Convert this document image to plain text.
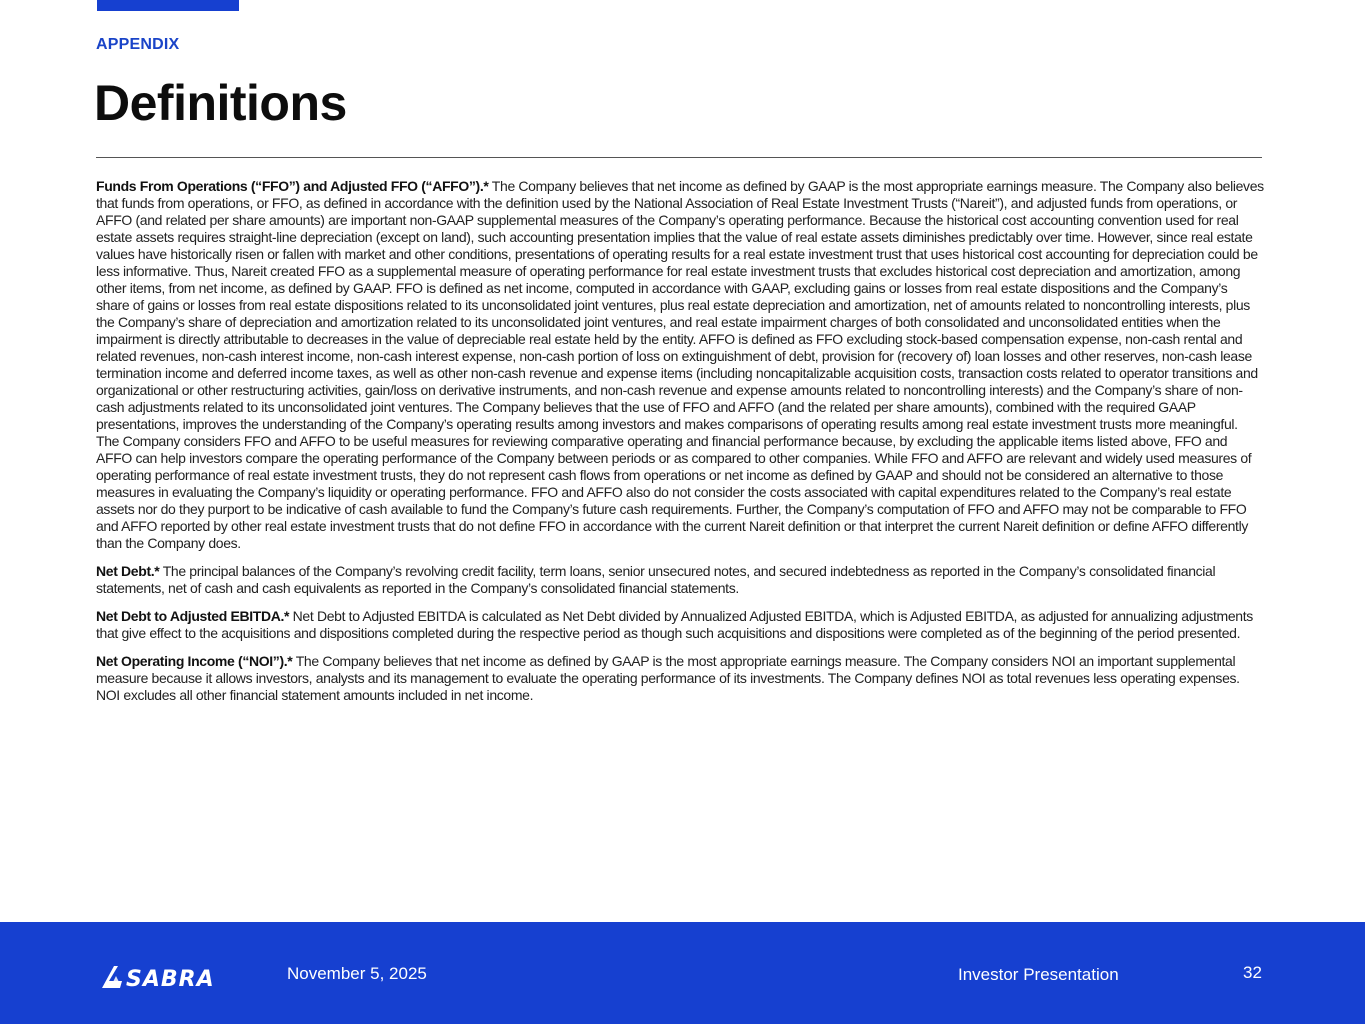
APPENDIX
Definitions

Funds From Operations (“FFO”) and Adjusted FFO (“AFFO”).* The Company believes that net income as defined by GAAP is the most appropriate earnings measure. The Company also believes that funds from operations, or FFO, as defined in accordance with the definition used by the National Association of Real Estate Investment Trusts (“Nareit”), and adjusted funds from operations, or AFFO (and related per share amounts) are important non-GAAP supplemental measures of the Company’s operating performance. Because the historical cost accounting convention used for real estate assets requires straight-line depreciation (except on land), such accounting presentation implies that the value of real estate assets diminishes predictably over time. However, since real estate values have historically risen or fallen with market and other conditions, presentations of operating results for a real estate investment trust that uses historical cost accounting for depreciation could be less informative. Thus, Nareit created FFO as a supplemental measure of operating performance for real estate investment trusts that excludes historical cost depreciation and amortization, among other items, from net income, as defined by GAAP. FFO is defined as net income, computed in accordance with GAAP, excluding gains or losses from real estate dispositions and the Company’s share of gains or losses from real estate dispositions related to its unconsolidated joint ventures, plus real estate depreciation and amortization, net of amounts related to noncontrolling interests, plus the Company’s share of depreciation and amortization related to its unconsolidated joint ventures, and real estate impairment charges of both consolidated and unconsolidated entities when the impairment is directly attributable to decreases in the value of depreciable real estate held by the entity. AFFO is defined as FFO excluding stock-based compensation expense, non-cash rental and related revenues, non-cash interest income, non-cash interest expense, non-cash portion of loss on extinguishment of debt, provision for (recovery of) loan losses and other reserves, non-cash lease termination income and deferred income taxes, as well as other non-cash revenue and expense items (including noncapitalizable acquisition costs, transaction costs related to operator transitions and organizational or other restructuring activities, gain/loss on derivative instruments, and non-cash revenue and expense amounts related to noncontrolling interests) and the Company’s share of non-cash adjustments related to its unconsolidated joint ventures. The Company believes that the use of FFO and AFFO (and the related per share amounts), combined with the required GAAP presentations, improves the understanding of the Company’s operating results among investors and makes comparisons of operating results among real estate investment trusts more meaningful. The Company considers FFO and AFFO to be useful measures for reviewing comparative operating and financial performance because, by excluding the applicable items listed above, FFO and AFFO can help investors compare the operating performance of the Company between periods or as compared to other companies. While FFO and AFFO are relevant and widely used measures of operating performance of real estate investment trusts, they do not represent cash flows from operations or net income as defined by GAAP and should not be considered an alternative to those measures in evaluating the Company’s liquidity or operating performance. FFO and AFFO also do not consider the costs associated with capital expenditures related to the Company’s real estate assets nor do they purport to be indicative of cash available to fund the Company’s future cash requirements. Further, the Company’s computation of FFO and AFFO may not be comparable to FFO and AFFO reported by other real estate investment trusts that do not define FFO in accordance with the current Nareit definition or that interpret the current Nareit definition or define AFFO differently than the Company does.

Net Debt.* The principal balances of the Company’s revolving credit facility, term loans, senior unsecured notes, and secured indebtedness as reported in the Company’s consolidated financial statements, net of cash and cash equivalents as reported in the Company’s consolidated financial statements.

Net Debt to Adjusted EBITDA.* Net Debt to Adjusted EBITDA is calculated as Net Debt divided by Annualized Adjusted EBITDA, which is Adjusted EBITDA, as adjusted for annualizing adjustments that give effect to the acquisitions and dispositions completed during the respective period as though such acquisitions and dispositions were completed as of the beginning of the period presented.

Net Operating Income (“NOI”).* The Company believes that net income as defined by GAAP is the most appropriate earnings measure. The Company considers NOI an important supplemental measure because it allows investors, analysts and its management to evaluate the operating performance of its investments. The Company defines NOI as total revenues less operating expenses. NOI excludes all other financial statement amounts included in net income.

SABRA	November 5, 2025	Investor Presentation	32
